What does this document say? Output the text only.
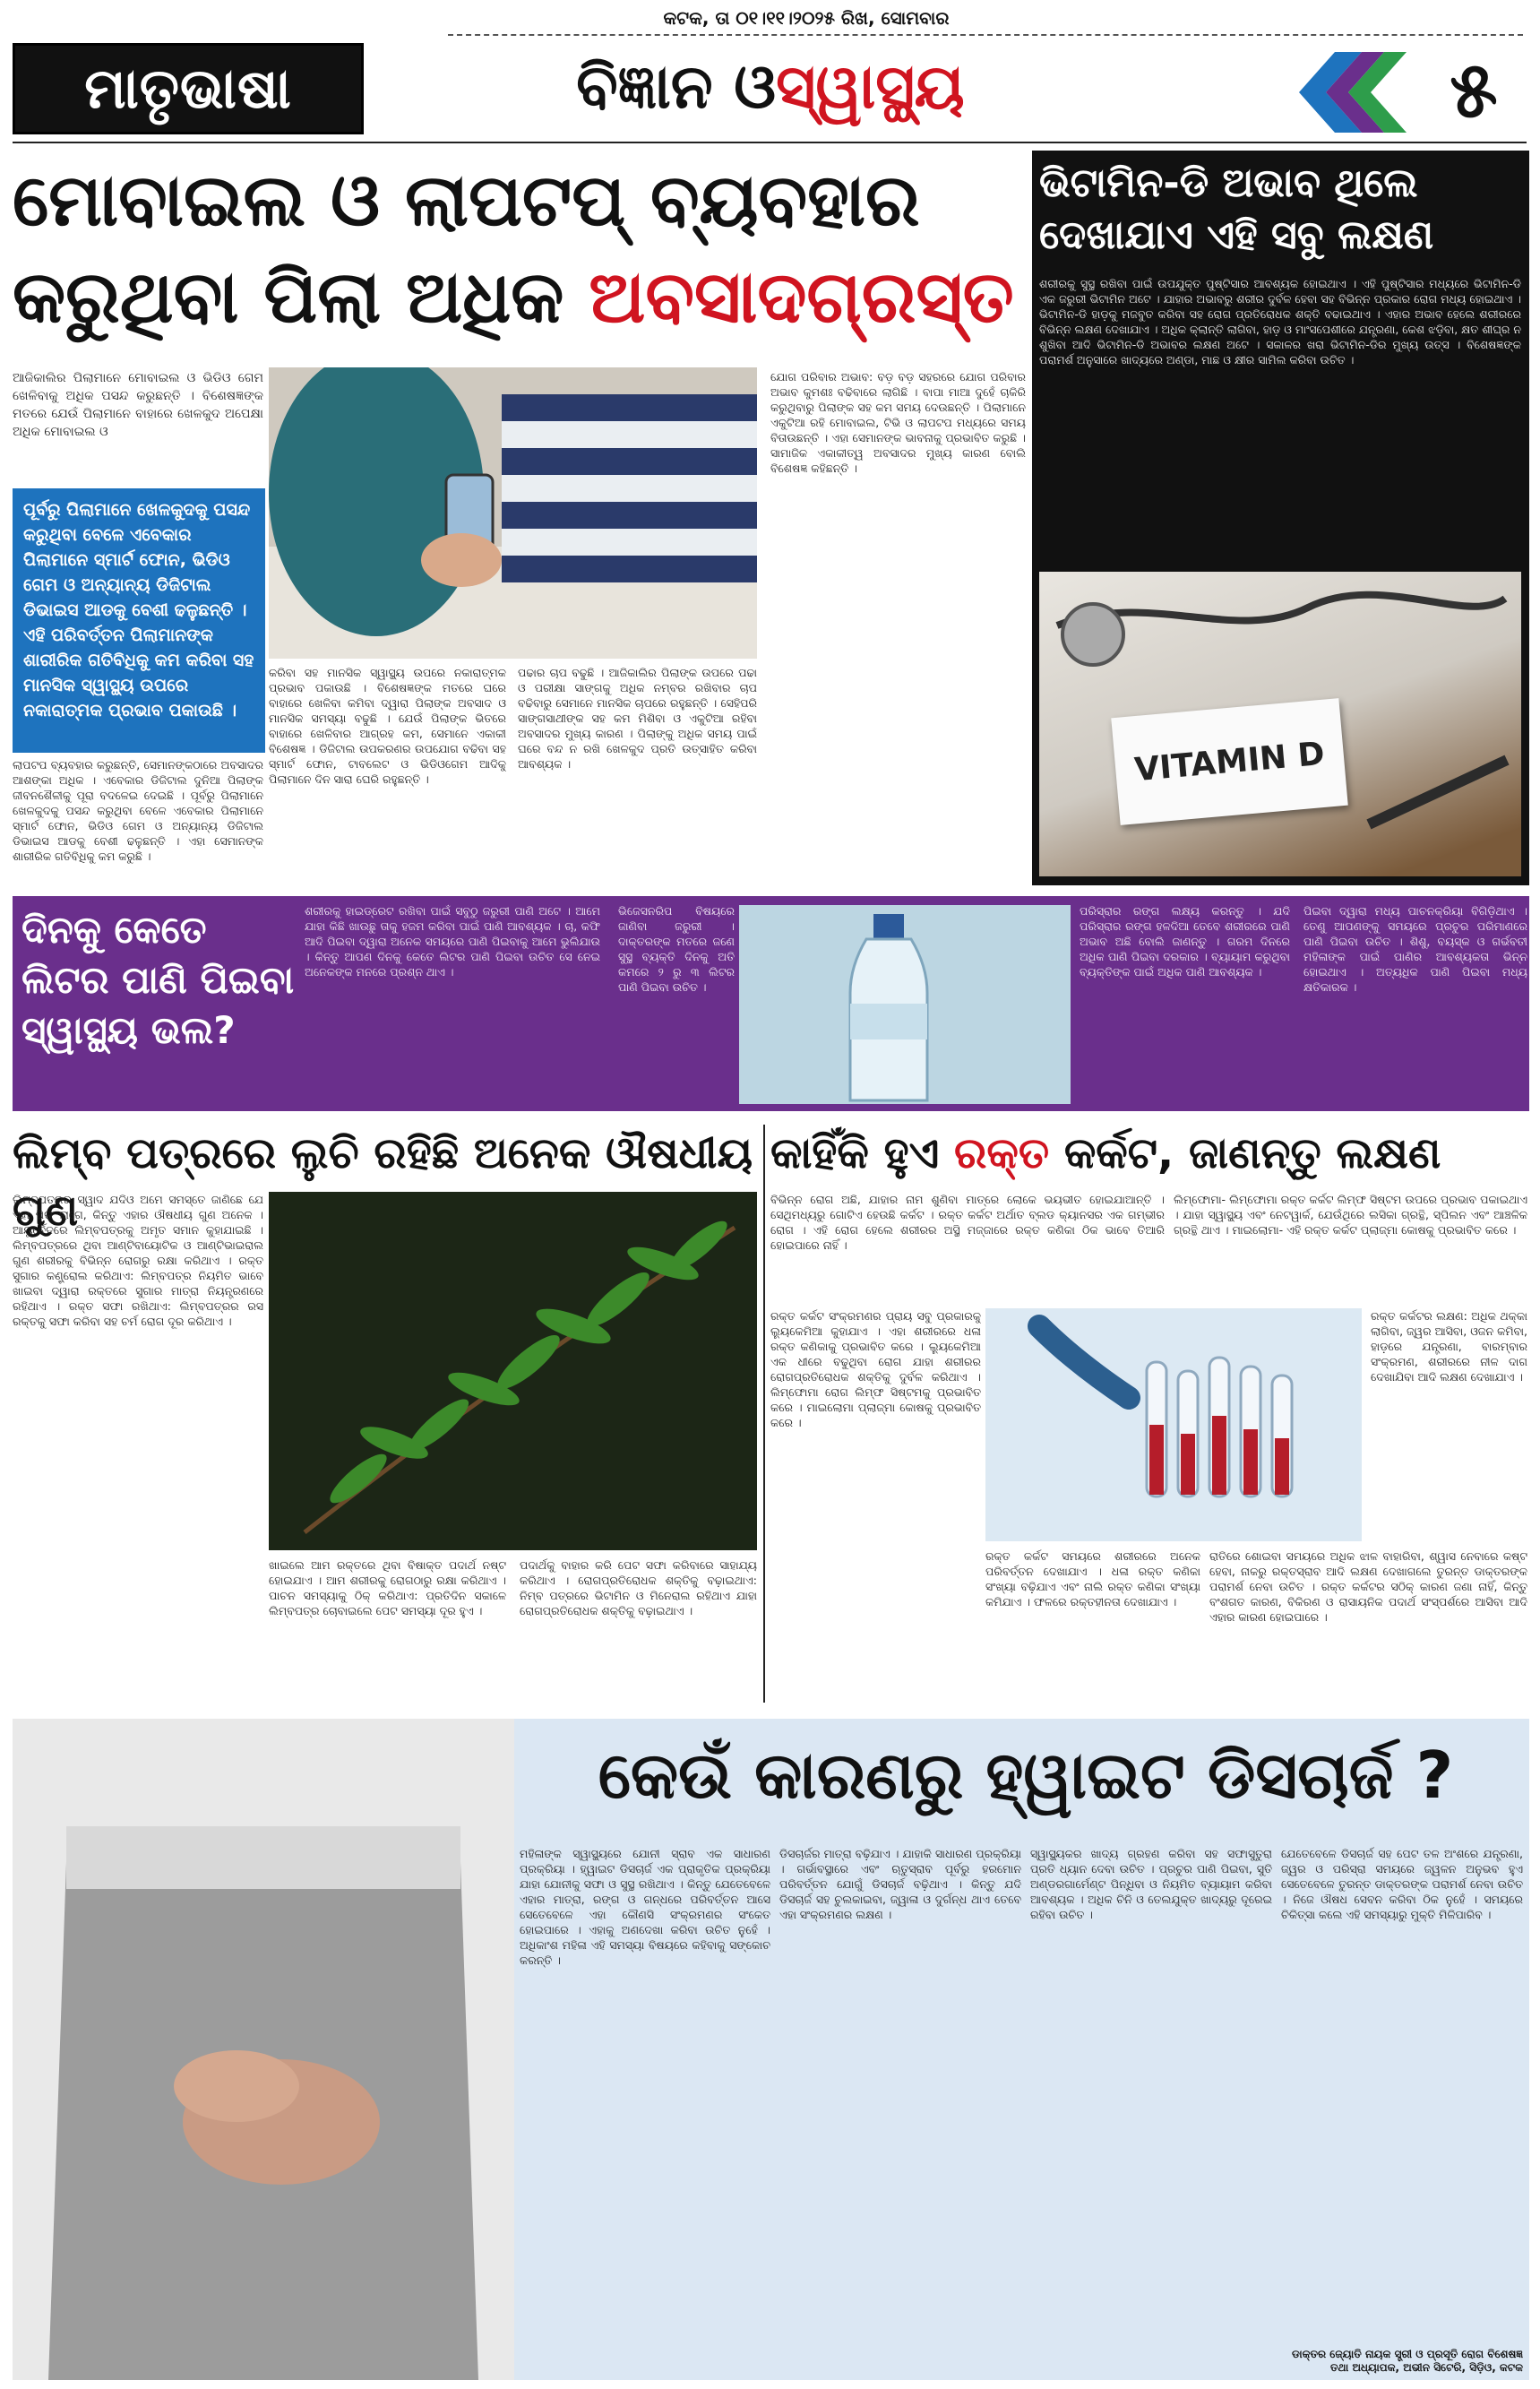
କଟକ, ତା ୦୧।୧୧।୨୦୨୫ ରିଖ, ସୋମବାର
ମାତୃଭାଷା	ବିଜ୍ଞାନ ଓ ସ୍ୱାସ୍ଥ୍ୟ	୫
ମୋବାଇଲ ଓ ଲାପଟପ୍ ବ୍ୟବହାର
କରୁଥିବା ପିଲା ଅଧିକ ଅବସାଦଗ୍ରସ୍ତ
ଆଜିକାଲିର ପିଲାମାନେ ମୋବାଇଲ ଓ ଭିଡିଓ ଗେମ ଖେଳିବାକୁ ଅଧିକ ପସନ୍ଦ କରୁଛନ୍ତି । ବିଶେଷଜ୍ଞଙ୍କ ମତରେ ଯେଉଁ ପିଲାମାନେ ବାହାରେ ଖେଳକୁଦ ଅପେକ୍ଷା ଅଧିକ ମୋବାଇଲ ଓ
ପୂର୍ବରୁ ପିଲାମାନେ ଖେଳକୁଦକୁ ପସନ୍ଦ କରୁଥିବା ବେଳେ ଏବେକାର ପିଲାମାନେ ସ୍ମାର୍ଟ ଫୋନ, ଭିଡିଓ ଗେମ ଓ ଅନ୍ୟାନ୍ୟ ଡିଜିଟାଲ ଡିଭାଇସ ଆଡକୁ ବେଶୀ ଢଳୁଛନ୍ତି । ଏହି ପରିବର୍ତ୍ତନ ପିଲାମାନଙ୍କ ଶାରୀରିକ ଗତିବିଧିକୁ କମ କରିବା ସହ ମାନସିକ ସ୍ୱାସ୍ଥ୍ୟ ଉପରେ ନକାରାତ୍ମକ ପ୍ରଭାବ ପକାଉଛି ।
ଲାପଟପ ବ୍ୟବହାର କରୁଛନ୍ତି, ସେମାନଙ୍କଠାରେ ଅବସାଦର ଆଶଙ୍କା ଅଧିକ । ଏବେକାର ଡିଜିଟାଲ ଦୁନିଆ ପିଲାଙ୍କ ଜୀବନଶୈଳୀକୁ ପୂରା ବଦଳେଇ ଦେଇଛି । ପୂର୍ବରୁ ପିଲାମାନେ ଖେଳକୁଦକୁ ପସନ୍ଦ କରୁଥିବା ବେଳେ ଏବେକାର ପିଲାମାନେ ସ୍ମାର୍ଟ ଫୋନ, ଭିଡିଓ ଗେମ ଓ ଅନ୍ୟାନ୍ୟ ଡିଜିଟାଲ ଡିଭାଇସ ଆଡକୁ ବେଶୀ ଢଳୁଛନ୍ତି । ଏହା ସେମାନଙ୍କ ଶାରୀରିକ ଗତିବିଧିକୁ କମ କରୁଛି ।
କରିବା ସହ ମାନସିକ ସ୍ୱାସ୍ଥ୍ୟ ଉପରେ ନକାରାତ୍ମକ ପ୍ରଭାବ ପକାଉଛି । ବିଶେଷଜ୍ଞଙ୍କ ମତରେ ଘରେ ବାହାରେ ଖେଳିବା କମିବା ଦ୍ୱାରା ପିଲାଙ୍କ ଅବସାଦ ଓ ମାନସିକ ସମସ୍ୟା ବଢୁଛି । ଯେଉଁ ପିଲାଙ୍କ ଭିତରେ ବାହାରେ ଖେଳିବାର ଆଗ୍ରହ କମ, ସେମାନେ ଏକାକୀ ବିଶେଷଜ୍ଞ । ଡିଜିଟାଲ ଉପକରଣର ଉପଯୋଗ ବଢିବା ସହ ସ୍ମାର୍ଟ ଫୋନ, ଟାବଲେଟ ଓ ଭିଡିଓଗେମ ଆଦିକୁ ପିଲାମାନେ ଦିନ ସାରା ଘେରି ରହୁଛନ୍ତି ।
ପଢାର ଚାପ ବଢୁଛି । ଆଜିକାଲିର ପିଲାଙ୍କ ଉପରେ ପଢା ଓ ପରୀକ୍ଷା ସାଙ୍ଗକୁ ଅଧିକ ନମ୍ବର ରଖିବାର ଚାପ ବଢିବାରୁ ସେମାନେ ମାନସିକ ଚାପରେ ରହୁଛନ୍ତି । ସେହିପରି ସାଙ୍ଗସାଥୀଙ୍କ ସହ କମ ମିଶିବା ଓ ଏକୁଟିଆ ରହିବା ଅବସାଦର ମୁଖ୍ୟ କାରଣ । ପିଲାଙ୍କୁ ଅଧିକ ସମୟ ପାଇଁ ଘରେ ବନ୍ଦ ନ ରଖି ଖେଳକୁଦ ପ୍ରତି ଉତ୍ସାହିତ କରିବା ଆବଶ୍ୟକ ।
ଯୋଗ ପରିବାର ଅଭାବ: ବଡ଼ ବଡ଼ ସହରରେ ଯୋଗ ପରିବାର ଅଭାବ କୁମଶଃ ବଢିବାରେ ଲାଗିଛି । ବାପା ମାଆ ଦୁହେଁ ଚାକିରି କରୁଥିବାରୁ ପିଲାଙ୍କ ସହ କମ ସମୟ ଦେଉଛନ୍ତି । ପିଲାମାନେ ଏକୁଟିଆ ରହି ମୋବାଇଲ, ଟିଭି ଓ ଲାପଟପ ମଧ୍ୟରେ ସମୟ ବିତାଉଛନ୍ତି । ଏହା ସେମାନଙ୍କ ଭାବନାକୁ ପ୍ରଭାବିତ କରୁଛି । ସାମାଜିକ ଏକାକୀତ୍ୱ ଅବସାଦର ମୁଖ୍ୟ କାରଣ ବୋଲି ବିଶେଷଜ୍ଞ କହିଛନ୍ତି ।
ଭିଟାମିନ-ଡି ଅଭାବ ଥିଲେ ଦେଖାଯାଏ ଏହି ସବୁ ଲକ୍ଷଣ
ଶରୀରକୁ ସୁସ୍ଥ ରଖିବା ପାଇଁ ଉପଯୁକ୍ତ ପୁଷ୍ଟିସାର ଆବଶ୍ୟକ ହୋଇଥାଏ । ଏହି ପୁଷ୍ଟିସାର ମଧ୍ୟରେ ଭିଟାମିନ-ଡି ଏକ ଜରୁରୀ ଭିଟାମିନ ଅଟେ । ଯାହାର ଅଭାବରୁ ଶରୀର ଦୁର୍ବଳ ହେବା ସହ ବିଭିନ୍ନ ପ୍ରକାର ରୋଗ ମଧ୍ୟ ହୋଇଥାଏ । ଭିଟାମିନ-ଡି ହାଡ଼କୁ ମଜବୁତ କରିବା ସହ ରୋଗ ପ୍ରତିରୋଧକ ଶକ୍ତି ବଢାଇଥାଏ । ଏହାର ଅଭାବ ହେଲେ ଶରୀରରେ ବିଭିନ୍ନ ଲକ୍ଷଣ ଦେଖାଯାଏ । ଅଧିକ କ୍ଲାନ୍ତି ଲାଗିବା, ହାଡ଼ ଓ ମାଂସପେଶୀରେ ଯନ୍ତ୍ରଣା, କେଶ ଝଡ଼ିବା, କ୍ଷତ ଶୀଘ୍ର ନ ଶୁଖିବା ଆଦି ଭିଟାମିନ-ଡି ଅଭାବର ଲକ୍ଷଣ ଅଟେ । ସକାଳର ଖରା ଭିଟାମିନ-ଡିର ମୁଖ୍ୟ ଉତ୍ସ । ବିଶେଷଜ୍ଞଙ୍କ ପରାମର୍ଶ ଅନୁସାରେ ଖାଦ୍ୟରେ ଅଣ୍ଡା, ମାଛ ଓ କ୍ଷୀର ସାମିଲ କରିବା ଉଚିତ ।
VITAMIN D
ଦିନକୁ କେତେ ଲିଟର ପାଣି ପିଇବା ସ୍ୱାସ୍ଥ୍ୟ ଭଲ?
ଶରୀରକୁ ହାଇଡ୍ରେଟ ରଖିବା ପାଇଁ ସବୁଠୁ ଜରୁରୀ ପାଣି ଅଟେ । ଆମେ ଯାହା କିଛି ଖାଉଛୁ ତାକୁ ହଜମ କରିବା ପାଇଁ ପାଣି ଆବଶ୍ୟକ । ଚା, କଫି ଆଦି ପିଇବା ଦ୍ୱାରା ଅନେକ ସମୟରେ ପାଣି ପିଇବାକୁ ଆମେ ଭୁଲିଯାଉ । କିନ୍ତୁ ଆପଣ ଦିନକୁ କେତେ ଲିଟର ପାଣି ପିଇବା ଉଚିତ ସେ ନେଇ ଅନେକଙ୍କ ମନରେ ପ୍ରଶ୍ନ ଥାଏ ।
ଭିଜେସନରିପ ବିଷୟରେ ଜାଣିବା ଜରୁରୀ । ଦାକ୍ତରଙ୍କ ମତରେ ଜଣେ ସୁସ୍ଥ ବ୍ୟକ୍ତି ଦିନକୁ ଅତି କମରେ ୨ ରୁ ୩ ଲିଟର ପାଣି ପିଇବା ଉଚିତ ।
ପରିସ୍ରାର ରଙ୍ଗ ଲକ୍ଷ୍ୟ କରନ୍ତୁ । ଯଦି ପରିସ୍ରାର ରଙ୍ଗ ହଳଦିଆ ତେବେ ଶରୀରରେ ପାଣି ଅଭାବ ଅଛି ବୋଲି ଜାଣନ୍ତୁ । ଗରମ ଦିନରେ ଅଧିକ ପାଣି ପିଇବା ଦରକାର । ବ୍ୟାୟାମ କରୁଥିବା ବ୍ୟକ୍ତିଙ୍କ ପାଇଁ ଅଧିକ ପାଣି ଆବଶ୍ୟକ ।
ପିଇବା ଦ୍ୱାରା ମଧ୍ୟ ପାଚନକ୍ରିୟା ବିଗିଡ଼ିଥାଏ । ତେଣୁ ଆପଣଙ୍କୁ ସମୟରେ ପ୍ରଚୁର ପରିମାଣରେ ପାଣି ପିଇବା ଉଚିତ । ଶିଶୁ, ବୟସ୍କ ଓ ଗର୍ଭବତୀ ମହିଳାଙ୍କ ପାଇଁ ପାଣିର ଆବଶ୍ୟକତା ଭିନ୍ନ ହୋଇଥାଏ । ଅତ୍ୟଧିକ ପାଣି ପିଇବା ମଧ୍ୟ କ୍ଷତିକାରକ ।
ଲିମ୍ବ ପତ୍ରରେ ଲୁଚି ରହିଛି ଅନେକ ଔଷଧୀୟ ଗୁଣ
ଲିମ୍ବପତ୍ରର ସ୍ୱାଦ ଯଦିଓ ଅମେ ସମସ୍ତେ ଜାଣିଛେ ଯେ ଏହା ପିତା ଲାଗେ, କିନ୍ତୁ ଏହାର ଔଷଧୀୟ ଗୁଣ ଅନେକ । ଆୟୁର୍ବେଦରେ ଲିମ୍ବପତ୍ରକୁ ଅମୃତ ସମାନ କୁହାଯାଇଛି । ଲିମ୍ବପତ୍ରରେ ଥିବା ଆଣ୍ଟିବାୟୋଟିକ ଓ ଆଣ୍ଟିଭାଇରାଲ ଗୁଣ ଶରୀରକୁ ବିଭିନ୍ନ ରୋଗରୁ ରକ୍ଷା କରିଥାଏ । ରକ୍ତ ସୁଗାର କଣ୍ଟ୍ରୋଲ କରିଥାଏ: ଲିମ୍ବପତ୍ର ନିୟମିତ ଭାବେ ଖାଇବା ଦ୍ୱାରା ରକ୍ତରେ ସୁଗାର ମାତ୍ରା ନିୟନ୍ତ୍ରଣରେ ରହିଥାଏ । ରକ୍ତ ସଫା ରଖିଥାଏ: ଲିମ୍ବପତ୍ରର ରସ ରକ୍ତକୁ ସଫା କରିବା ସହ ଚର୍ମ ରୋଗ ଦୂର କରିଥାଏ ।
ଖାଇଲେ ଆମ ରକ୍ତରେ ଥିବା ବିଷାକ୍ତ ପଦାର୍ଥ ନଷ୍ଟ ହୋଇଯାଏ । ଆମ ଶରୀରକୁ ରୋଗଠାରୁ ରକ୍ଷା କରିଥାଏ । ପାଚନ ସମସ୍ୟାକୁ ଠିକ୍ କରିଥାଏ: ପ୍ରତିଦିନ ସକାଳେ ଲିମ୍ବପତ୍ର ଚୋବାଇଲେ ପେଟ ସମସ୍ୟା ଦୂର ହୁଏ ।
ପଦାର୍ଥକୁ ବାହାର କରି ପେଟ ସଫା କରିବାରେ ସାହାଯ୍ୟ କରିଥାଏ । ରୋଗପ୍ରତିରୋଧକ ଶକ୍ତିକୁ ବଢ଼ାଇଥାଏ: ନିମ୍ବ ପତ୍ରରେ ଭିଟାମିନ ଓ ମିନେରାଲ ରହିଥାଏ ଯାହା ରୋଗପ୍ରତିରୋଧକ ଶକ୍ତିକୁ ବଢ଼ାଇଥାଏ ।
କାହିଁକି ହୁଏ ରକ୍ତ କର୍କଟ, ଜାଣନ୍ତୁ ଲକ୍ଷଣ
ବିଭିନ୍ନ ରୋଗ ଅଛି, ଯାହାର ନାମ ଶୁଣିବା ମାତ୍ରେ ଲୋକେ ଭୟଭୀତ ହୋଇଯାଆନ୍ତି । ସେଥିମଧ୍ୟରୁ ଗୋଟିଏ ହେଉଛି କର୍କଟ । ରକ୍ତ କର୍କଟ ଅର୍ଥାତ ବ୍ଲଡ କ୍ୟାନସର ଏକ ଗମ୍ଭୀର ରୋଗ । ଏହି ରୋଗ ହେଲେ ଶରୀରର ଅସ୍ଥି ମଜ୍ଜାରେ ରକ୍ତ କଣିକା ଠିକ ଭାବେ ତିଆରି ହୋଇପାରେ ନାହିଁ ।
ରକ୍ତ କର୍କଟ ସଂକ୍ରମଣର ପ୍ରାୟ ସବୁ ପ୍ରକାରକୁ ଲ୍ୟୁକେମିଆ କୁହାଯାଏ । ଏହା ଶରୀରରେ ଧଳା ରକ୍ତ କଣିକାକୁ ପ୍ରଭାବିତ କରେ । ଲ୍ୟୁକେମିଆ ଏକ ଧୀରେ ବଢୁଥିବା ରୋଗ ଯାହା ଶରୀରର ରୋଗପ୍ରତିରୋଧକ ଶକ୍ତିକୁ ଦୁର୍ବଳ କରିଥାଏ । ଲିମ୍ଫୋମା ରୋଗ ଲିମ୍ଫ ସିଷ୍ଟମକୁ ପ୍ରଭାବିତ କରେ । ମାଇଲୋମା ପ୍ଲାଜ୍ମା କୋଷକୁ ପ୍ରଭାବିତ କରେ ।
ଲିମ୍ଫୋମା- ଲିମ୍ଫୋମା ରକ୍ତ କର୍କଟ ଲିମ୍ଫ ସିଷ୍ଟମ ଉପରେ ପ୍ରଭାବ ପକାଇଥାଏ । ଯାହା ସ୍ୱାସ୍ଥ୍ୟ ଏବଂ ନେଟୱାର୍କ, ଯେଉଁଥିରେ ଲସିକା ଗ୍ରନ୍ଥି, ସ୍ପିଲନ ଏବଂ ଆଞ୍ଚଳିକ ଗ୍ରନ୍ଥି ଥାଏ । ମାଇଲୋମା- ଏହି ରକ୍ତ କର୍କଟ ପ୍ଲାଜ୍ମା କୋଷକୁ ପ୍ରଭାବିତ କରେ ।
ରକ୍ତ କର୍କଟର ଲକ୍ଷଣ: ଅଧିକ ଥକ୍କା ଲାଗିବା, ଜ୍ୱର ଆସିବା, ଓଜନ କମିବା, ହାଡ଼ରେ ଯନ୍ତ୍ରଣା, ବାରମ୍ବାର ସଂକ୍ରମଣ, ଶରୀରରେ ନୀଳ ଦାଗ ଦେଖାଯିବା ଆଦି ଲକ୍ଷଣ ଦେଖାଯାଏ ।
ରକ୍ତ କର୍କଟ ସମୟରେ ଶରୀରରେ ଅନେକ ପରିବର୍ତ୍ତନ ଦେଖାଯାଏ । ଧଳା ରକ୍ତ କଣିକା ସଂଖ୍ୟା ବଢ଼ିଯାଏ ଏବଂ ନାଲି ରକ୍ତ କଣିକା ସଂଖ୍ୟା କମିଯାଏ । ଫଳରେ ରକ୍ତହୀନତା ଦେଖାଯାଏ ।
ରାତିରେ ଶୋଇବା ସମୟରେ ଅଧିକ ଝାଳ ବାହାରିବା, ଶ୍ୱାସ ନେବାରେ କଷ୍ଟ ହେବା, ନାକରୁ ରକ୍ତସ୍ରାବ ଆଦି ଲକ୍ଷଣ ଦେଖାଗଲେ ତୁରନ୍ତ ଡାକ୍ତରଙ୍କ ପରାମର୍ଶ ନେବା ଉଚିତ । ରକ୍ତ କର୍କଟର ସଠିକ୍ କାରଣ ଜଣା ନାହିଁ, କିନ୍ତୁ ବଂଶଗତ କାରଣ, ବିକିରଣ ଓ ରାସାୟନିକ ପଦାର୍ଥ ସଂସ୍ପର୍ଶରେ ଆସିବା ଆଦି ଏହାର କାରଣ ହୋଇପାରେ ।
କେଉଁ କାରଣରୁ ହ୍ୱାଇଟ ଡିସଚାର୍ଜ ?
ମହିଳାଙ୍କ ସ୍ୱାସ୍ଥ୍ୟରେ ଯୋନୀ ସ୍ରାବ ଏକ ସାଧାରଣ ପ୍ରକ୍ରିୟା । ହ୍ୱାଇଟ ଡିସଚାର୍ଜ ଏକ ପ୍ରାକୃତିକ ପ୍ରକ୍ରିୟା ଯାହା ଯୋନୀକୁ ସଫା ଓ ସୁସ୍ଥ ରଖିଥାଏ । କିନ୍ତୁ ଯେତେବେଳେ ଏହାର ମାତ୍ରା, ରଙ୍ଗ ଓ ଗନ୍ଧରେ ପରିବର୍ତ୍ତନ ଆସେ ସେତେବେଳେ ଏହା କୌଣସି ସଂକ୍ରମଣର ସଂକେତ ହୋଇପାରେ । ଏହାକୁ ଅଣଦେଖା କରିବା ଉଚିତ ନୁହେଁ । ଅଧିକାଂଶ ମହିଳା ଏହି ସମସ୍ୟା ବିଷୟରେ କହିବାକୁ ସଙ୍କୋଚ କରନ୍ତି ।
ଡିସଚାର୍ଜର ମାତ୍ରା ବଢ଼ିଯାଏ । ଯାହାକି ସାଧାରଣ ପ୍ରକ୍ରିୟା । ଗର୍ଭାବସ୍ଥାରେ ଏବଂ ଋତୁସ୍ରାବ ପୂର୍ବରୁ ହରମୋନ ପରିବର୍ତ୍ତନ ଯୋଗୁଁ ଡିସଚାର୍ଜ ବଢ଼ିଥାଏ । କିନ୍ତୁ ଯଦି ଡିସଚାର୍ଜ ସହ ଚୁଲକାଇବା, ଜ୍ୱାଳା ଓ ଦୁର୍ଗନ୍ଧ ଥାଏ ତେବେ ଏହା ସଂକ୍ରମଣର ଲକ୍ଷଣ ।
ସ୍ୱାସ୍ଥ୍ୟକର ଖାଦ୍ୟ ଗ୍ରହଣ କରିବା ସହ ସଫାସୁତୁରା ପ୍ରତି ଧ୍ୟାନ ଦେବା ଉଚିତ । ପ୍ରଚୁର ପାଣି ପିଇବା, ସୁତି ଅଣ୍ଡରଗାର୍ମେଣ୍ଟ ପିନ୍ଧିବା ଓ ନିୟମିତ ବ୍ୟାୟାମ କରିବା ଆବଶ୍ୟକ । ଅଧିକ ଚିନି ଓ ତେଲଯୁକ୍ତ ଖାଦ୍ୟରୁ ଦୂରେଇ ରହିବା ଉଚିତ ।
ଯେତେବେଳେ ଡିସଚାର୍ଜ ସହ ପେଟ ତଳ ଅଂଶରେ ଯନ୍ତ୍ରଣା, ଜ୍ୱର ଓ ପରିସ୍ରା ସମୟରେ ଜ୍ୱଳନ ଅନୁଭବ ହୁଏ ସେତେବେଳେ ତୁରନ୍ତ ଡାକ୍ତରଙ୍କ ପରାମର୍ଶ ନେବା ଉଚିତ । ନିଜେ ଔଷଧ ସେବନ କରିବା ଠିକ ନୁହେଁ । ସମୟରେ ଚିକିତ୍ସା କଲେ ଏହି ସମସ୍ୟାରୁ ମୁକ୍ତି ମିଳିପାରିବ ।
ଡାକ୍ତର ଜ୍ୟୋତି ନାୟକ ସ୍ତ୍ରୀ ଓ ପ୍ରସୂତି ରୋଗ ବିଶେଷଜ୍ଞ ତଥା ଅଧ୍ୟାପକ, ଅଭୀନ ସିଟେରି, ସିଡ଼ିଓ, କଟକ
